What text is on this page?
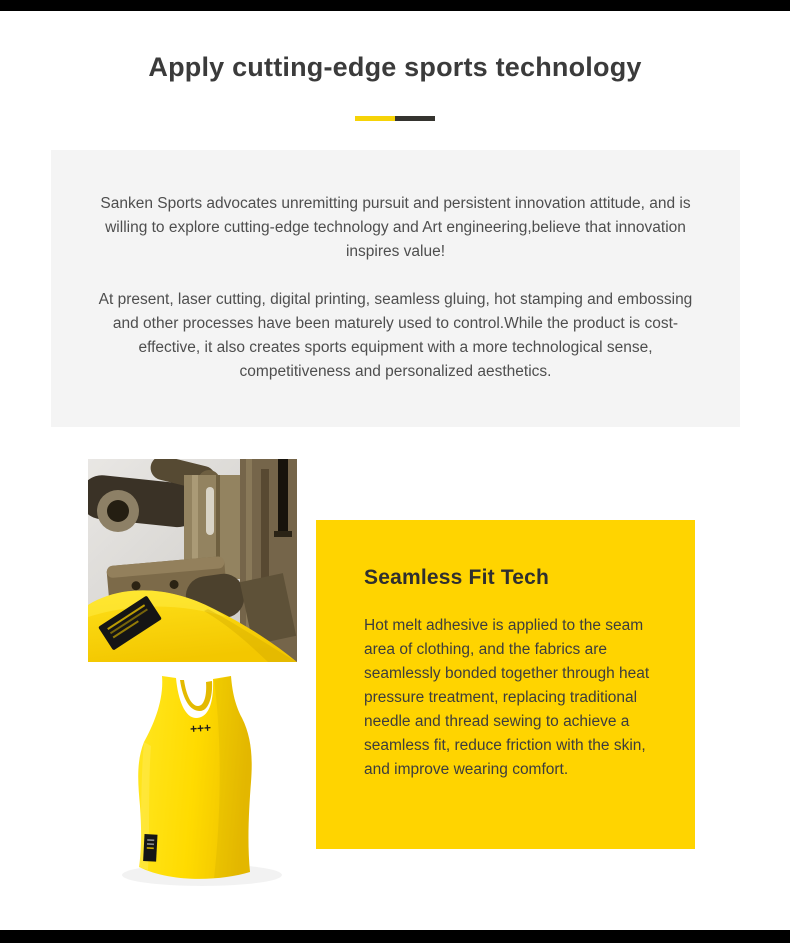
Apply cutting-edge sports technology

Sanken Sports advocates unremitting pursuit and persistent innovation attitude, and is willing to explore cutting-edge technology and Art engineering,believe that innovation inspires value!

At present, laser cutting, digital printing, seamless gluing, hot stamping and embossing and other processes have been maturely used to control.While the product is cost-effective, it also creates sports equipment with a more technological sense, competitiveness and personalized aesthetics.

Seamless Fit Tech

Hot melt adhesive is applied to the seam area of clothing, and the fabrics are seamlessly bonded together through heat pressure treatment, replacing traditional needle and thread sewing to achieve a seamless fit, reduce friction with the skin, and improve wearing comfort.

+++
